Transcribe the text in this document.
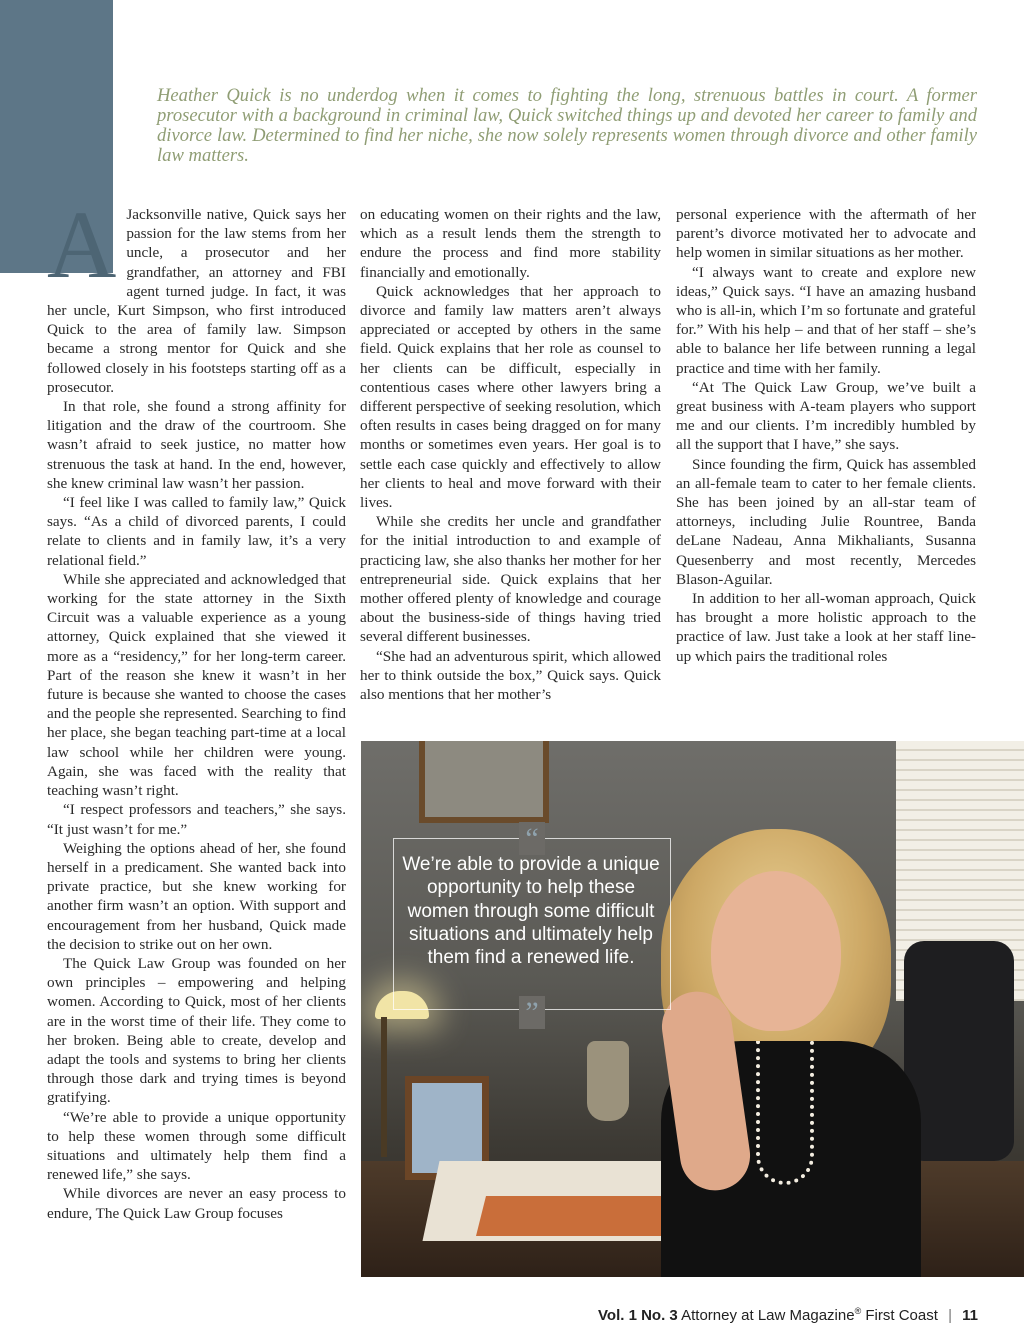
Heather Quick is no underdog when it comes to fighting the long, strenuous battles in court. A former prosecutor with a background in criminal law, Quick switched things up and devoted her career to family and divorce law. Determined to find her niche, she now solely represents women through divorce and other family law matters.

A Jacksonville native, Quick says her passion for the law stems from her uncle, a prosecutor and her grandfather, an attorney and FBI agent turned judge. In fact, it was her uncle, Kurt Simpson, who first introduced Quick to the area of family law. Simpson became a strong mentor for Quick and she followed closely in his footsteps starting off as a prosecutor.

In that role, she found a strong affinity for litigation and the draw of the courtroom. She wasn’t afraid to seek justice, no matter how strenuous the task at hand. In the end, however, she knew criminal law wasn’t her passion.

“I feel like I was called to family law,” Quick says. “As a child of divorced parents, I could relate to clients and in family law, it’s a very relational field.”

While she appreciated and acknowledged that working for the state attorney in the Sixth Circuit was a valuable experience as a young attorney, Quick explained that she viewed it more as a “residency,” for her long-term career. Part of the reason she knew it wasn’t in her future is because she wanted to choose the cases and the people she represented. Searching to find her place, she began teaching part-time at a local law school while her children were young. Again, she was faced with the reality that teaching wasn’t right.

“I respect professors and teachers,” she says. “It just wasn’t for me.”

Weighing the options ahead of her, she found herself in a predicament. She wanted back into private practice, but she knew working for another firm wasn’t an option. With support and encouragement from her husband, Quick made the decision to strike out on her own.

The Quick Law Group was founded on her own principles – empowering and helping women. According to Quick, most of her clients are in the worst time of their life. They come to her broken. Being able to create, develop and adapt the tools and systems to bring her clients through those dark and trying times is beyond gratifying.

“We’re able to provide a unique opportunity to help these women through some difficult situations and ultimately help them find a renewed life,” she says.

While divorces are never an easy process to endure, The Quick Law Group focuses

on educating women on their rights and the law, which as a result lends them the strength to endure the process and find more stability financially and emotionally.

Quick acknowledges that her approach to divorce and family law matters aren’t always appreciated or accepted by others in the same field. Quick explains that her role as counsel to her clients can be difficult, especially in contentious cases where other lawyers bring a different perspective of seeking resolution, which often results in cases being dragged on for many months or sometimes even years. Her goal is to settle each case quickly and effectively to allow her clients to heal and move forward with their lives.

While she credits her uncle and grandfather for the initial introduction to and example of practicing law, she also thanks her mother for her entrepreneurial side. Quick explains that her mother offered plenty of knowledge and courage about the business-side of things having tried several different businesses.

“She had an adventurous spirit, which allowed her to think outside the box,” Quick says. Quick also mentions that her mother’s

personal experience with the aftermath of her parent’s divorce motivated her to advocate and help women in similar situations as her mother.

“I always want to create and explore new ideas,” Quick says. “I have an amazing husband who is all-in, which I’m so fortunate and grateful for.” With his help – and that of her staff – she’s able to balance her life between running a legal practice and time with her family.

“At The Quick Law Group, we’ve built a great business with A-team players who support me and our clients. I’m incredibly humbled by all the support that I have,” she says.

Since founding the firm, Quick has assembled an all-female team to cater to her female clients. She has been joined by an all-star team of attorneys, including Julie Rountree, Banda deLane Nadeau, Anna Mikhaliants, Susanna Quesenberry and most recently, Mercedes Blason-Aguilar.

In addition to her all-woman approach, Quick has brought a more holistic approach to the practice of law. Just take a look at her staff line-up which pairs the traditional roles

“
”
We’re able to provide a unique opportunity to help these women through some difficult situations and ultimately help them find a renewed life.
Vol. 1 No. 3 Attorney at Law Magazine® First Coast | 11
